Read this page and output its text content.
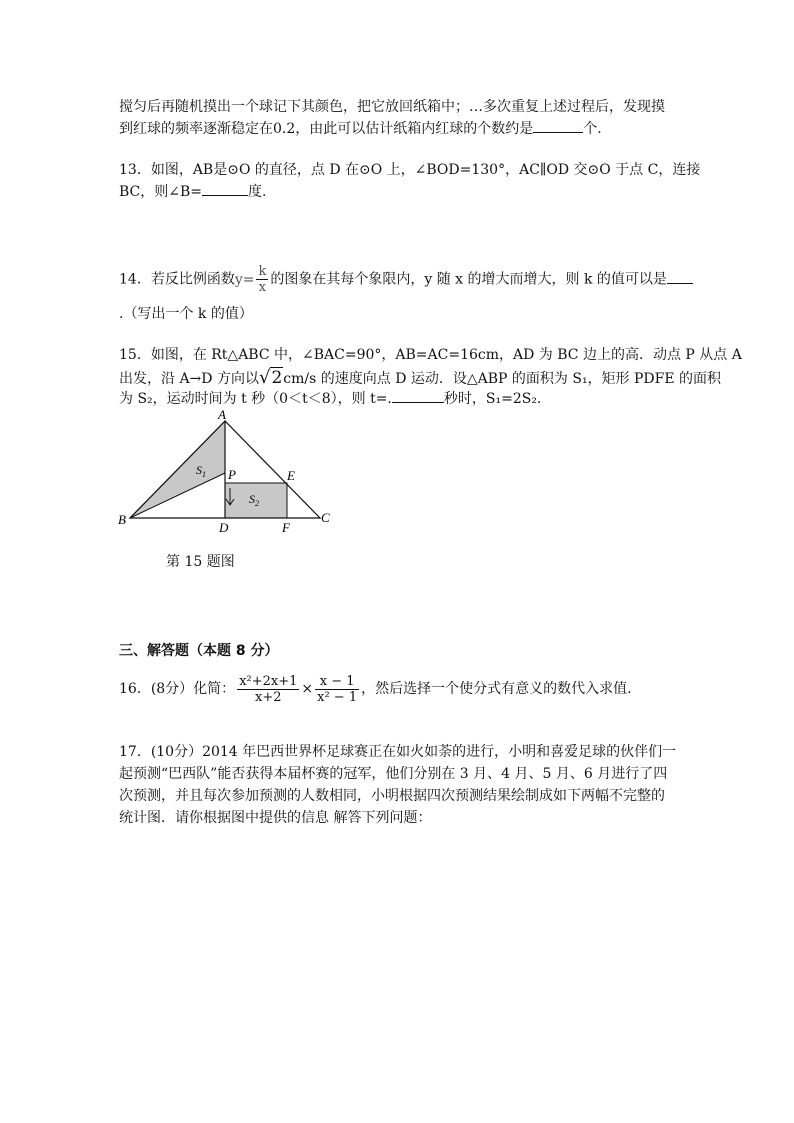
搅匀后再随机摸出一个球记下其颜色，把它放回纸箱中；…多次重复上述过程后，发现摸
到红球的频率逐渐稳定在0.2，由此可以估计纸箱内红球的个数约是	个.
13．如图，AB是⊙O 的直径，点 D 在⊙O 上，∠BOD=130°，AC∥OD 交⊙O 于点 C，连接
BC，则∠B=	度.
14．若反比例函数$y= \frac{k}{x}$ 的图象在其每个象限内，y 随 x 的增大而增大，则 k 的值可以是
.（写出一个 k 的值）
15．如图，在 Rt△ABC 中，∠BAC=90°，AB=AC=16cm，AD 为 BC 边上的高．动点 P 从点 A
出发，沿 A→D 方向以√2cm/s 的速度向点 D 运动．设△ABP 的面积为 S₁，矩形 PDFE 的面积
为 S₂，运动时间为 t 秒（0＜t＜8），则 t=.	秒时，S₁=2S₂.
A
B	C
D
E
F
P
$S_1$
$S_2$
第 15 题图
三、解答题（本题 8 分）
16．(8分）化简： $\frac{\text{x²+2x+1}}{x+2} \times \frac{x - 1}{\text{x² − 1}}$ ，然后选择一个使分式有意义的数代入求值.
17．(10分）2014 年巴西世界杯足球赛正在如火如荼的进行，小明和喜爱足球的伙伴们一
起预测“巴西队”能否获得本届杯赛的冠军，他们分别在 3 月、4 月、5 月、6 月进行了四
次预测，并且每次参加预测的人数相同，小明根据四次预测结果绘制成如下两幅不完整的
统计图．请你根据图中提供的信息 解答下列问题：
